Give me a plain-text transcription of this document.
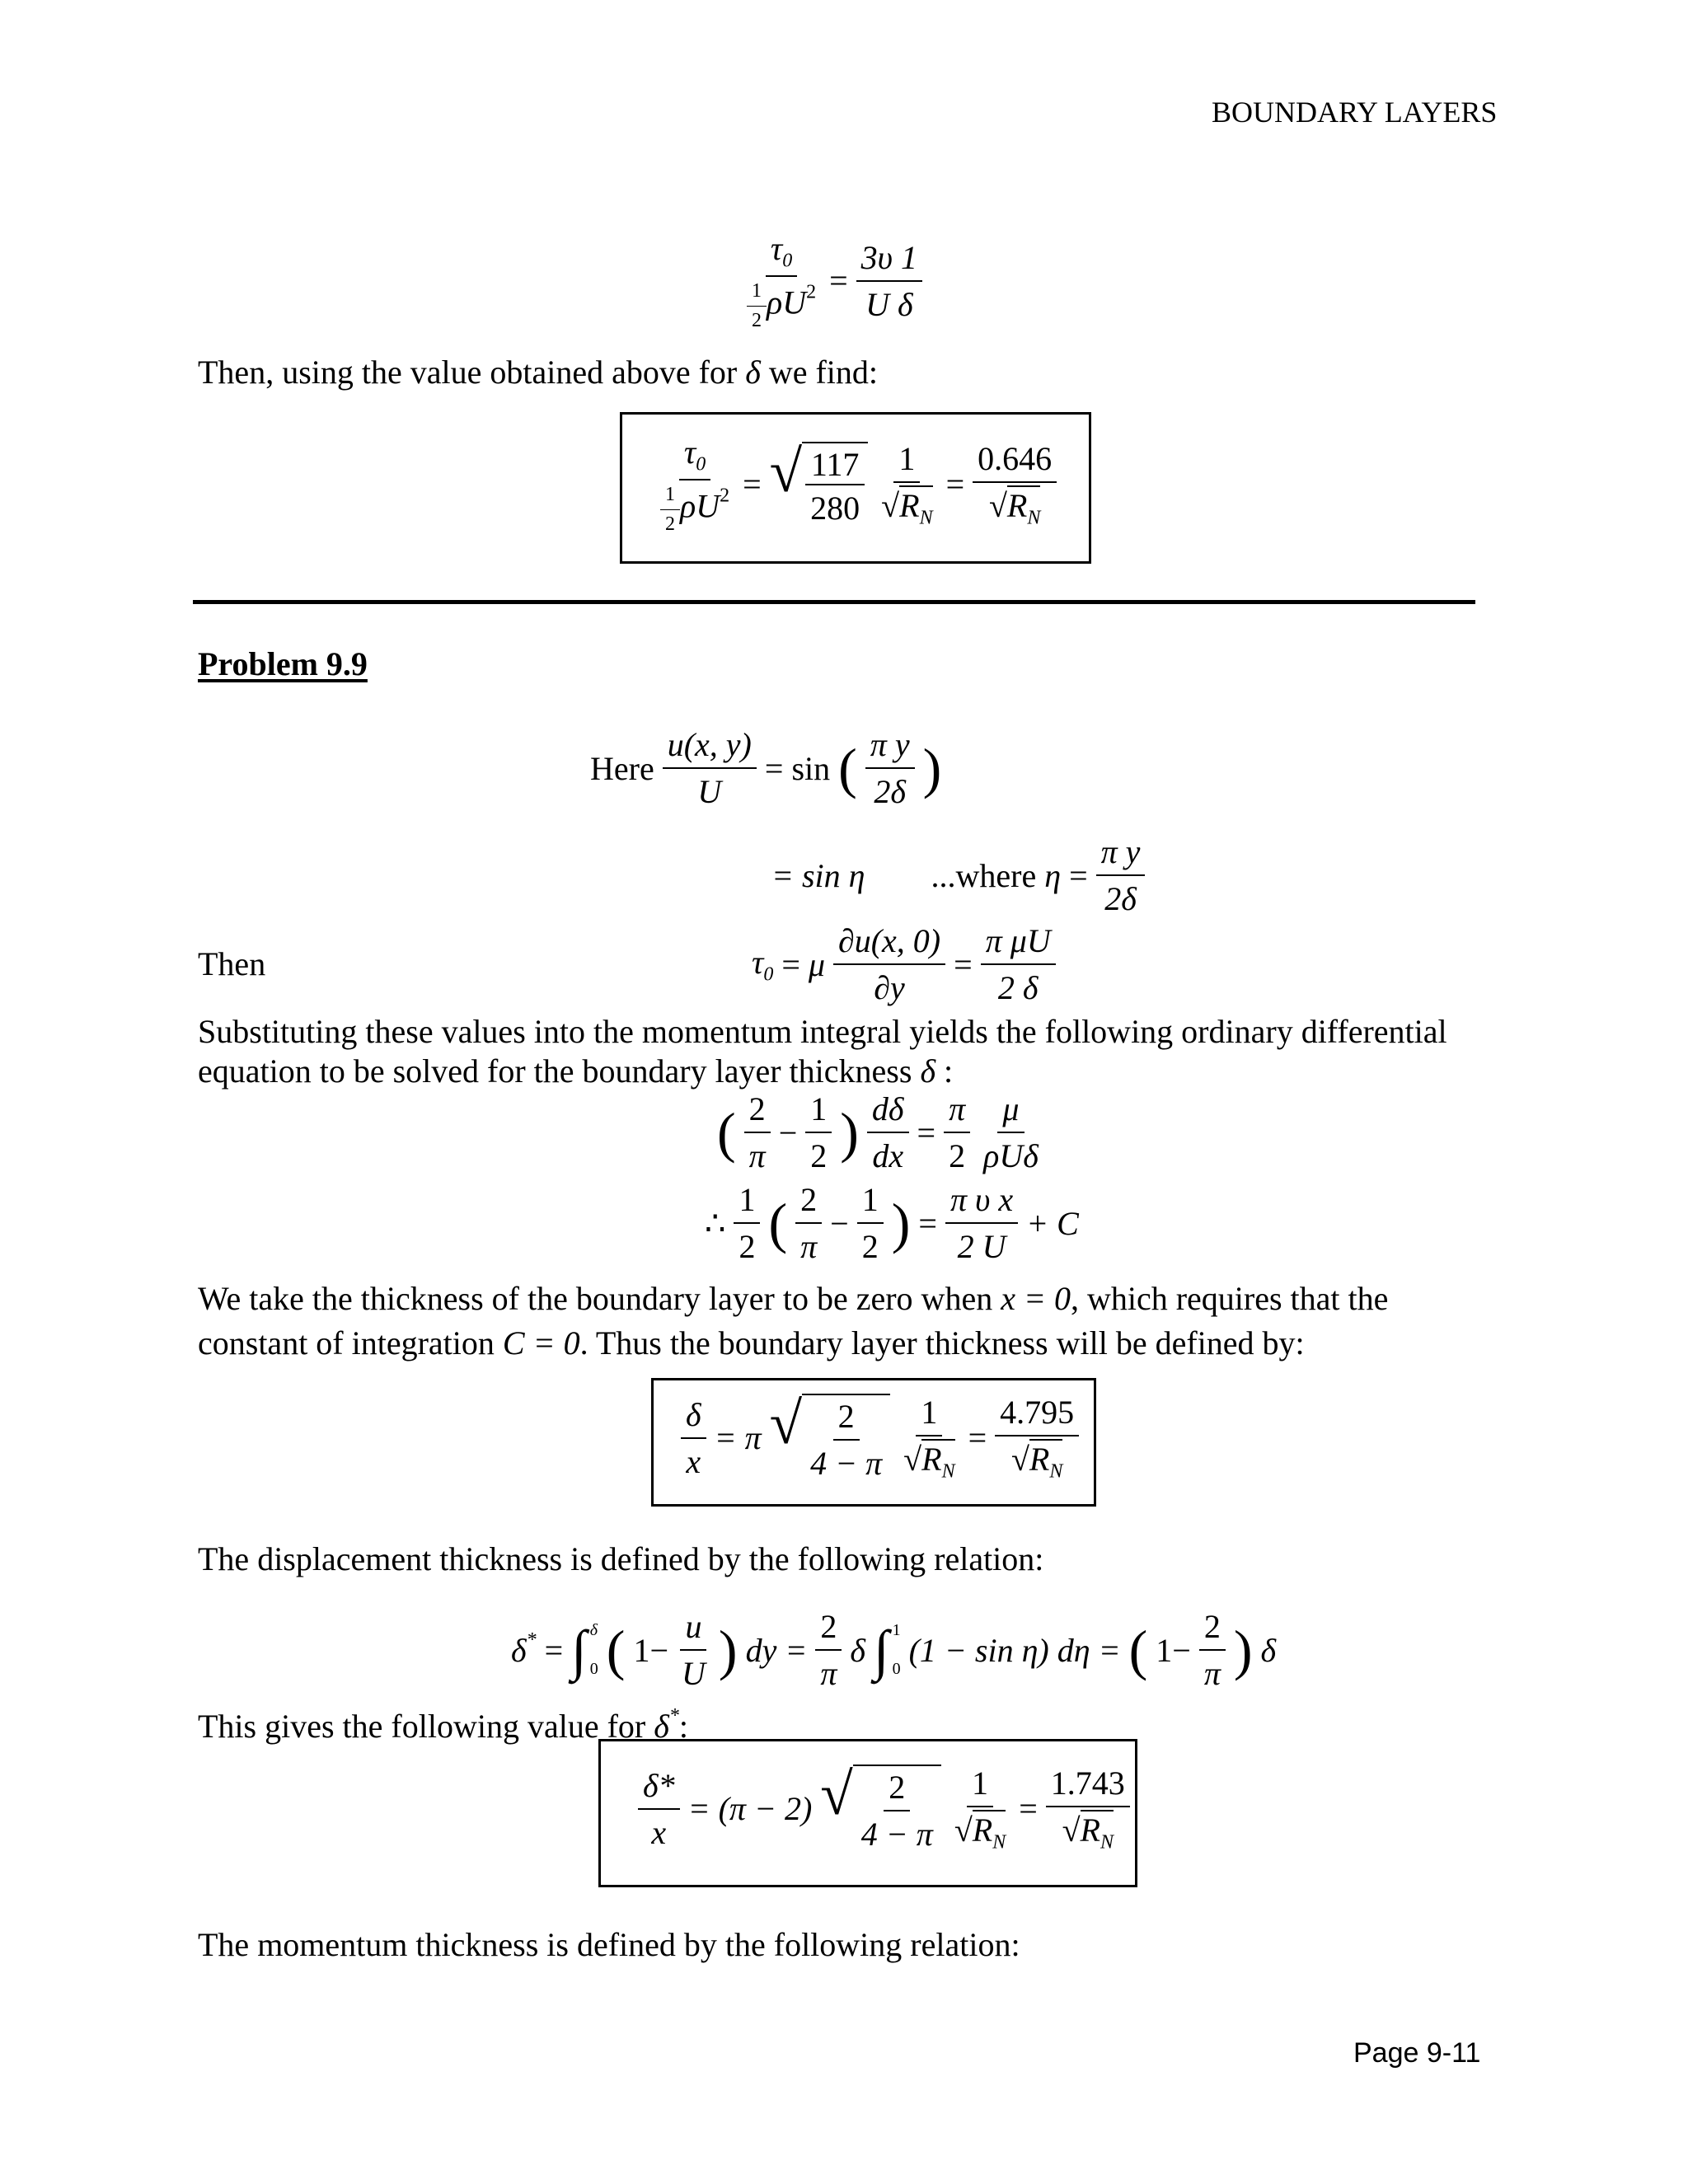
BOUNDARY LAYERS
Page 9-11
$\frac{\tau_0}{\frac{1}{2} \rho U^2} = \frac{3\upsilon 1}{\text{U δ}}$
Then, using the value obtained above for δ we find:
$\frac{\tau_0}{\frac{1}{2} \rho U^2}$ = √ $\frac{117}{280} \frac{1}{√R_N} = \frac{0.646}{√R_N}$
Problem 9.9
Here $\frac{u(x, y)}{U} = \sin$ ( $\frac{\text{π y}}{2\delta}$ )
= sin η ...where $\eta = \frac{\text{π y}}{2\delta}$
Then	$\tau_0 = \mu \frac{\partial u(x, 0)}{\partial y} = \frac{\text{π μU}}{2 \delta}$
Substituting these values into the momentum integral yields the following ordinary differential
equation to be solved for the boundary layer thickness δ :
( $\frac{2}{\pi} - \frac{1}{2}$ ) $\frac{d\delta}{dx} = \frac{\pi}{2} \frac{\mu}{\text{ρUδ}}$
∴ $\frac{1}{2}$ ( $\frac{2}{\pi} - \frac{1}{2}$ ) = $\frac{\text{π υ x}}{2 U} + C$
We take the thickness of the boundary layer to be zero when x = 0, which requires that the
constant of integration C = 0. Thus the boundary layer thickness will be defined by:
$\frac{\delta}{x} = \pi$ √ $\frac{2}{4 - \pi} \frac{1}{√R_N} = \frac{4.795}{√R_N}$
The displacement thickness is defined by the following relation:
δ* = ∫ δ
0 ( $1- \frac{u}{U}$ ) dy = $\frac{2}{\pi}$ δ ∫ 1
0
(1 − sin η) dη = ( $1- \frac{2}{\pi}$ ) δ
This gives the following value for δ*:
$\frac{\delta*}{x} = (\pi - 2)$ √ $\frac{2}{4 - \pi} \frac{1}{√R_N} = \frac{1.743}{√R_N}$
The momentum thickness is defined by the following relation:
